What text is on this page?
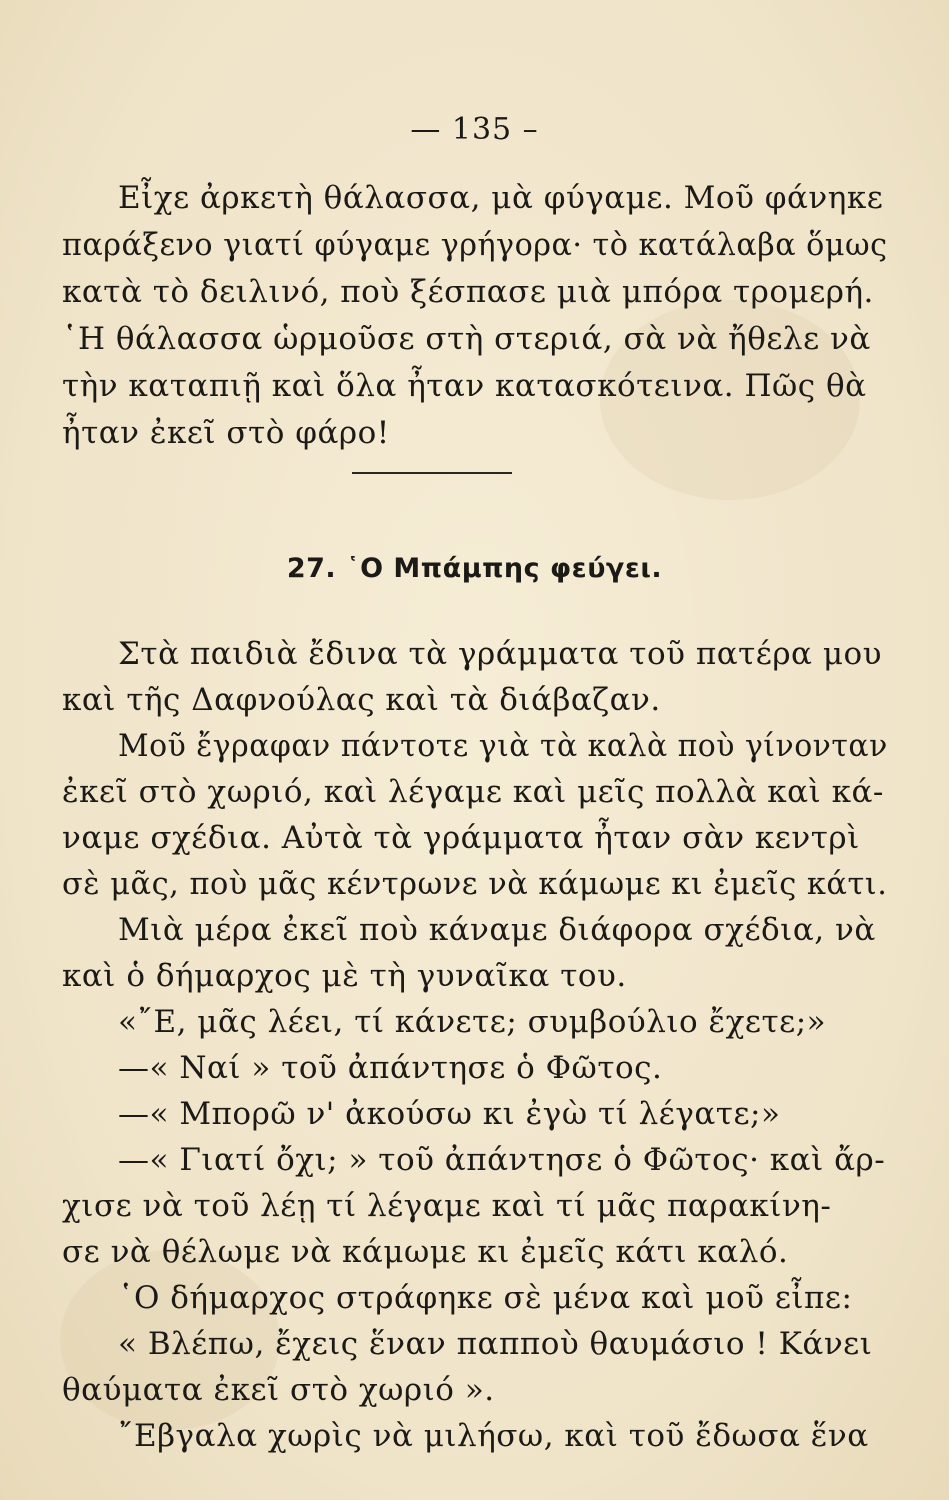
— 135 –
Εἶχε ἀρκετὴ θάλασσα, μὰ φύγαμε. Μοῦ φάνηκε
παράξενο γιατί φύγαμε γρήγορα· τὸ κατάλαβα ὅμως
κατὰ τὸ δειλινό, ποὺ ξέσπασε μιὰ μπόρα τρομερή.
῾Η θάλασσα ὡρμοῦσε στὴ στεριά, σὰ νὰ ἤθελε νὰ
τὴν καταπιῇ καὶ ὅλα ἦταν κατασκότεινα. Πῶς θὰ
ἦταν ἐκεῖ στὸ φάρο!
27. ῾Ο Μπάμπης φεύγει.
Στὰ παιδιὰ ἔδινα τὰ γράμματα τοῦ πατέρα μου
καὶ τῆς Δαφνούλας καὶ τὰ διάβαζαν.
Μοῦ ἔγραφαν πάντοτε γιὰ τὰ καλὰ ποὺ γίνονταν
ἐκεῖ στὸ χωριό, καὶ λέγαμε καὶ μεῖς πολλὰ καὶ κά-
ναμε σχέδια. Αὐτὰ τὰ γράμματα ἦταν σὰν κεντρὶ
σὲ μᾶς, ποὺ μᾶς κέντρωνε νὰ κάμωμε κι ἐμεῖς κάτι.
Μιὰ μέρα ἐκεῖ ποὺ κάναμε διάφορα σχέδια, νὰ
καὶ ὁ δήμαρχος μὲ τὴ γυναῖκα του.
«῎Ε, μᾶς λέει, τί κάνετε; συμβούλιο ἔχετε;»
—« Ναί » τοῦ ἀπάντησε ὁ Φῶτος.
—« Μπορῶ ν' ἀκούσω κι ἐγὼ τί λέγατε;»
—« Γιατί ὄχι; » τοῦ ἀπάντησε ὁ Φῶτος· καὶ ἄρ-
χισε νὰ τοῦ λέῃ τί λέγαμε καὶ τί μᾶς παρακίνη-
σε νὰ θέλωμε νὰ κάμωμε κι ἐμεῖς κάτι καλό.
῾Ο δήμαρχος στράφηκε σὲ μένα καὶ μοῦ εἶπε:
« Βλέπω, ἔχεις ἕναν παπποὺ θαυμάσιο ! Κάνει
θαύματα ἐκεῖ στὸ χωριό ».
῎Εβγαλα χωρὶς νὰ μιλήσω, καὶ τοῦ ἔδωσα ἕνα
